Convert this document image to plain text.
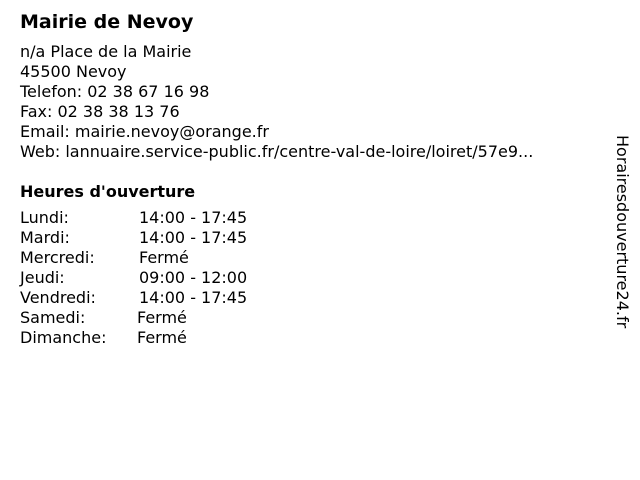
Mairie de Nevoy
n/a Place de la Mairie
45500 Nevoy
Telefon: 02 38 67 16 98
Fax: 02 38 38 13 76
Email: mairie.nevoy@orange.fr
Web: lannuaire.service-public.fr/centre-val-de-loire/loiret/57e9...
Heures d'ouverture
Lundi:	14:00 - 17:45
Mardi:	14:00 - 17:45
Mercredi:	Fermé
Jeudi:	09:00 - 12:00
Vendredi:	14:00 - 17:45
Samedi:	Fermé
Dimanche:	Fermé
Horairesdouverture24.fr
